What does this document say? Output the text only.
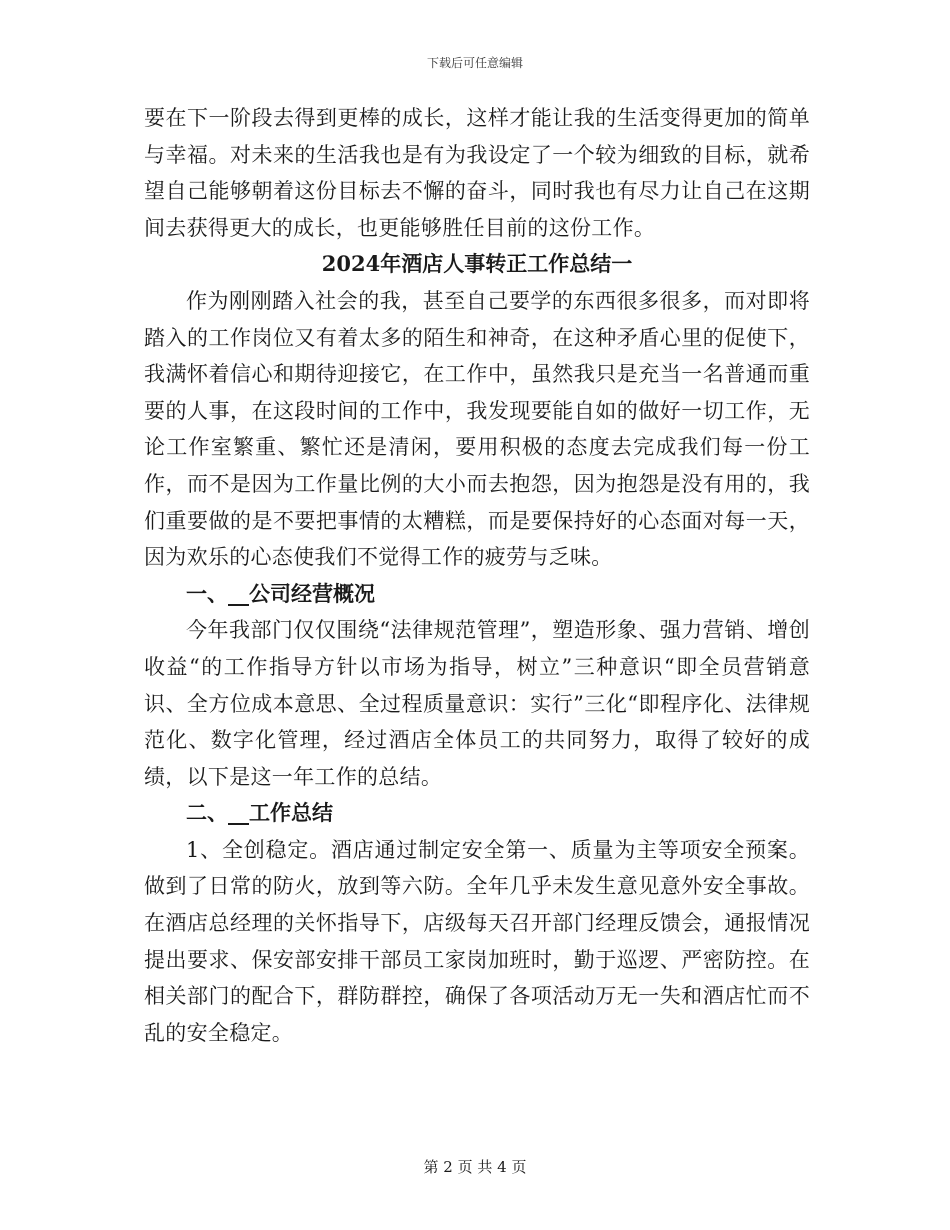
下载后可任意编辑

要在下一阶段去得到更棒的成长，这样才能让我的生活变得更加的简单与幸福。对未来的生活我也是有为我设定了一个较为细致的目标，就希望自己能够朝着这份目标去不懈的奋斗，同时我也有尽力让自己在这期间去获得更大的成长，也更能够胜任目前的这份工作。

2024年酒店人事转正工作总结一

作为刚刚踏入社会的我，甚至自己要学的东西很多很多，而对即将踏入的工作岗位又有着太多的陌生和神奇，在这种矛盾心里的促使下，我满怀着信心和期待迎接它，在工作中，虽然我只是充当一名普通而重要的人事，在这段时间的工作中，我发现要能自如的做好一切工作，无论工作室繁重、繁忙还是清闲，要用积极的态度去完成我们每一份工作，而不是因为工作量比例的大小而去抱怨，因为抱怨是没有用的，我们重要做的是不要把事情的太糟糕，而是要保持好的心态面对每一天，因为欢乐的心态使我们不觉得工作的疲劳与乏味。

一、__公司经营概况

今年我部门仅仅围绕“法律规范管理”，塑造形象、强力营销、增创收益“的工作指导方针以市场为指导，树立”三种意识“即全员营销意识、全方位成本意思、全过程质量意识：实行”三化“即程序化、法律规范化、数字化管理，经过酒店全体员工的共同努力，取得了较好的成绩，以下是这一年工作的总结。

二、__工作总结

1、全创稳定。酒店通过制定安全第一、质量为主等项安全预案。做到了日常的防火，放到等六防。全年几乎未发生意见意外安全事故。在酒店总经理的关怀指导下，店级每天召开部门经理反馈会，通报情况提出要求、保安部安排干部员工家岗加班时，勤于巡逻、严密防控。在相关部门的配合下，群防群控，确保了各项活动万无一失和酒店忙而不乱的安全稳定。

第 2 页 共 4 页
